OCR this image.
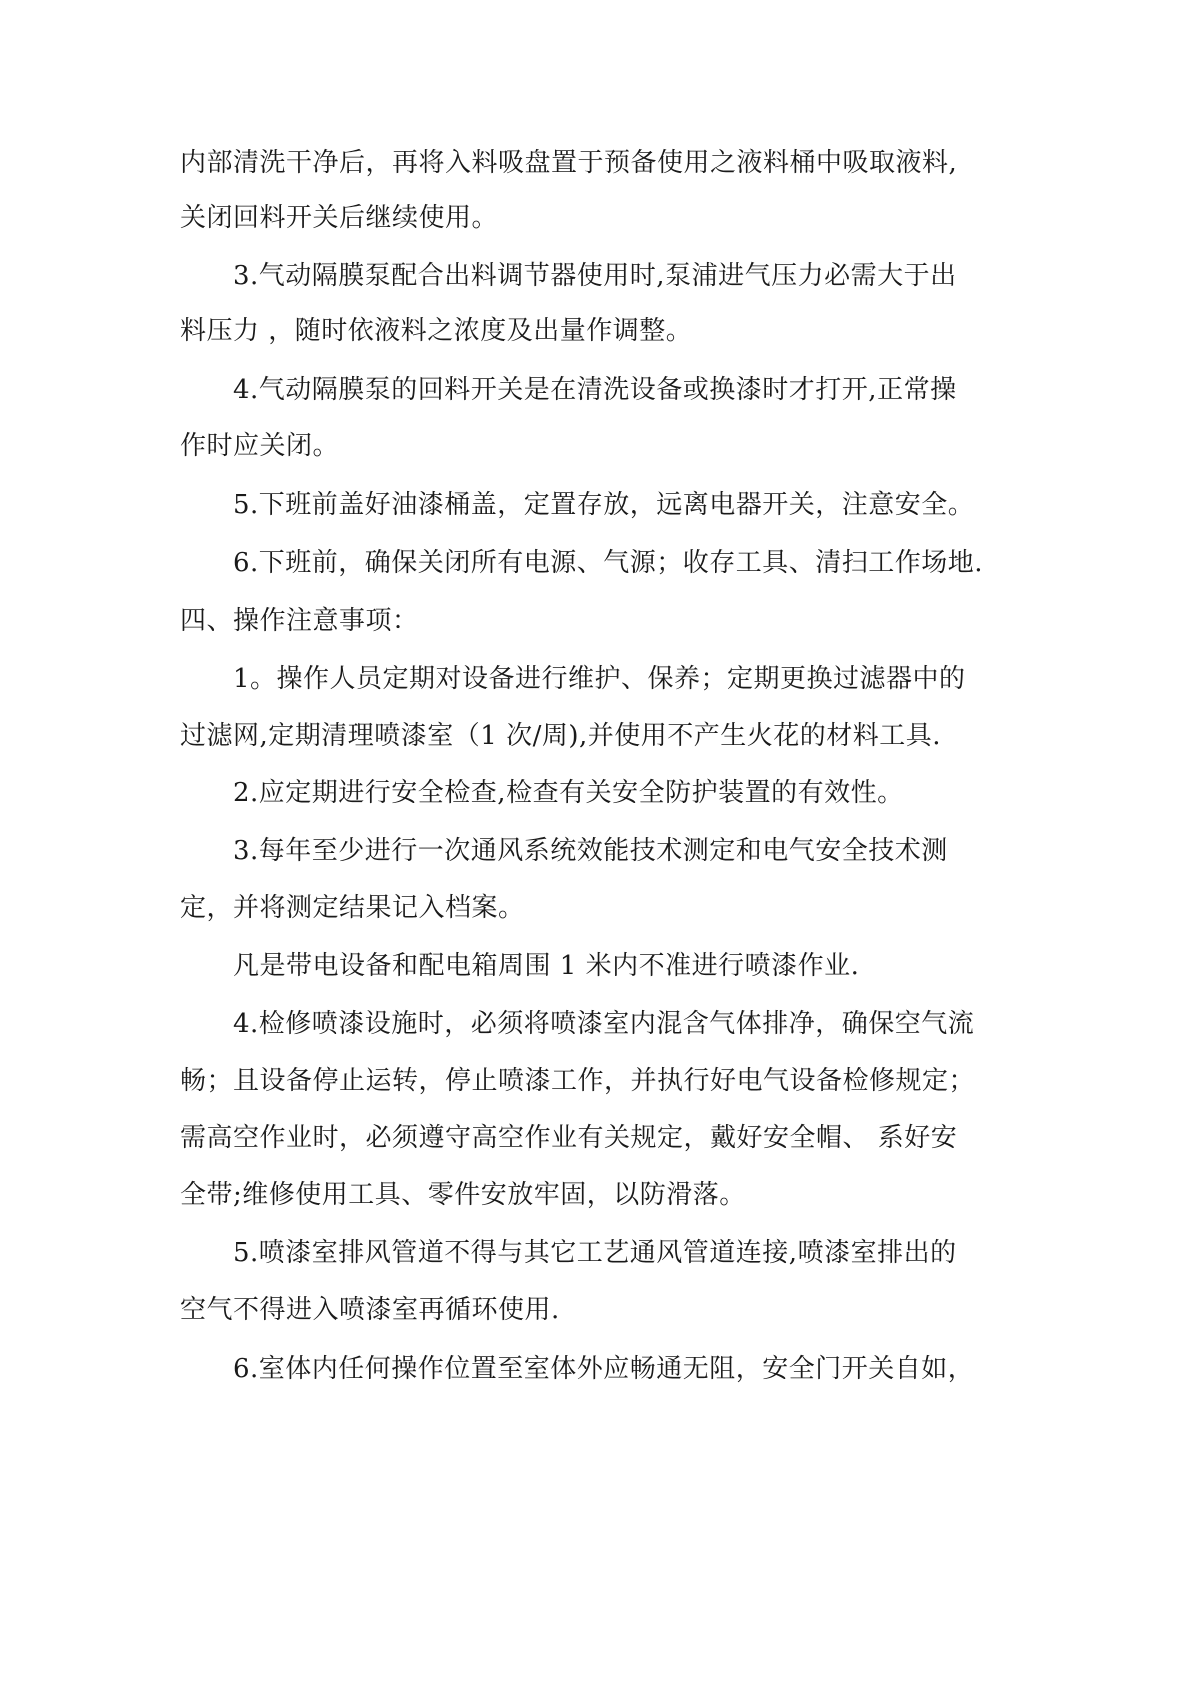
内部清洗干净后，再将入料吸盘置于预备使用之液料桶中吸取液料,
关闭回料开关后继续使用。
3.气动隔膜泵配合出料调节器使用时,泵浦进气压力必需大于出
料压力 ，随时依液料之浓度及出量作调整。
4.气动隔膜泵的回料开关是在清洗设备或换漆时才打开,正常操
作时应关闭。
5.下班前盖好油漆桶盖，定置存放，远离电器开关，注意安全。
6.下班前，确保关闭所有电源、气源；收存工具、清扫工作场地.
四、操作注意事项：
1。操作人员定期对设备进行维护、保养；定期更换过滤器中的
过滤网,定期清理喷漆室（1 次/周),并使用不产生火花的材料工具.
2.应定期进行安全检查,检查有关安全防护装置的有效性。
3.每年至少进行一次通风系统效能技术测定和电气安全技术测
定，并将测定结果记入档案。
凡是带电设备和配电箱周围 1 米内不准进行喷漆作业.
4.检修喷漆设施时，必须将喷漆室内混含气体排净，确保空气流
畅；且设备停止运转，停止喷漆工作，并执行好电气设备检修规定；
需高空作业时，必须遵守高空作业有关规定，戴好安全帽、 系好安
全带;维修使用工具、零件安放牢固，以防滑落。
5.喷漆室排风管道不得与其它工艺通风管道连接,喷漆室排出的
空气不得进入喷漆室再循环使用.
6.室体内任何操作位置至室体外应畅通无阻，安全门开关自如，
